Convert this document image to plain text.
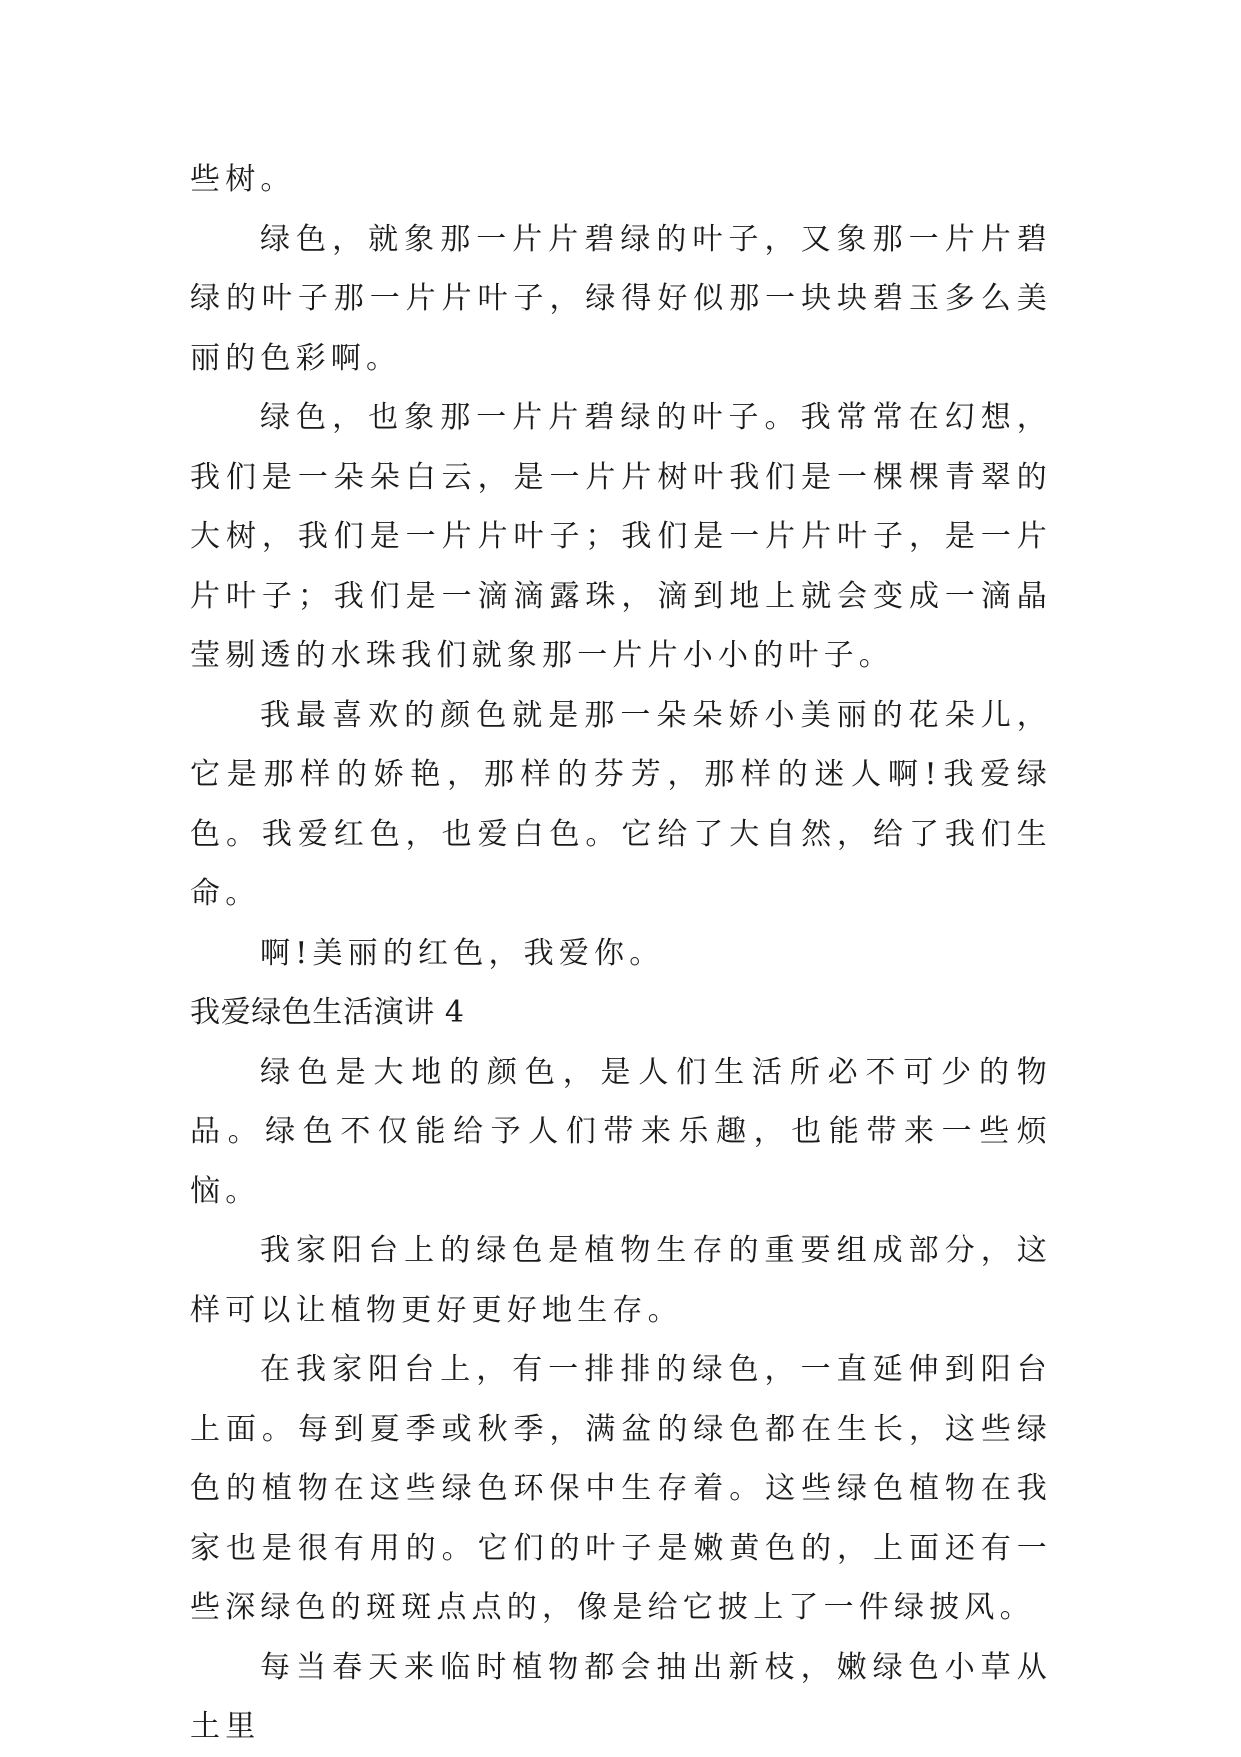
些树。

绿色，就象那一片片碧绿的叶子，又象那一片片碧绿的叶子那一片片叶子，绿得好似那一块块碧玉多么美丽的色彩啊。

绿色，也象那一片片碧绿的叶子。我常常在幻想，我们是一朵朵白云，是一片片树叶我们是一棵棵青翠的大树，我们是一片片叶子；我们是一片片叶子，是一片片叶子；我们是一滴滴露珠，滴到地上就会变成一滴晶莹剔透的水珠我们就象那一片片小小的叶子。

我最喜欢的颜色就是那一朵朵娇小美丽的花朵儿，它是那样的娇艳，那样的芬芳，那样的迷人啊!我爱绿色。我爱红色，也爱白色。它给了大自然，给了我们生命。

啊!美丽的红色，我爱你。

我爱绿色生活演讲 4

绿色是大地的颜色，是人们生活所必不可少的物品。绿色不仅能给予人们带来乐趣，也能带来一些烦恼。

我家阳台上的绿色是植物生存的重要组成部分，这样可以让植物更好更好地生存。

在我家阳台上，有一排排的绿色，一直延伸到阳台上面。每到夏季或秋季，满盆的绿色都在生长，这些绿色的植物在这些绿色环保中生存着。这些绿色植物在我家也是很有用的。它们的叶子是嫩黄色的，上面还有一些深绿色的斑斑点点的，像是给它披上了一件绿披风。

每当春天来临时植物都会抽出新枝，嫩绿色小草从土里
